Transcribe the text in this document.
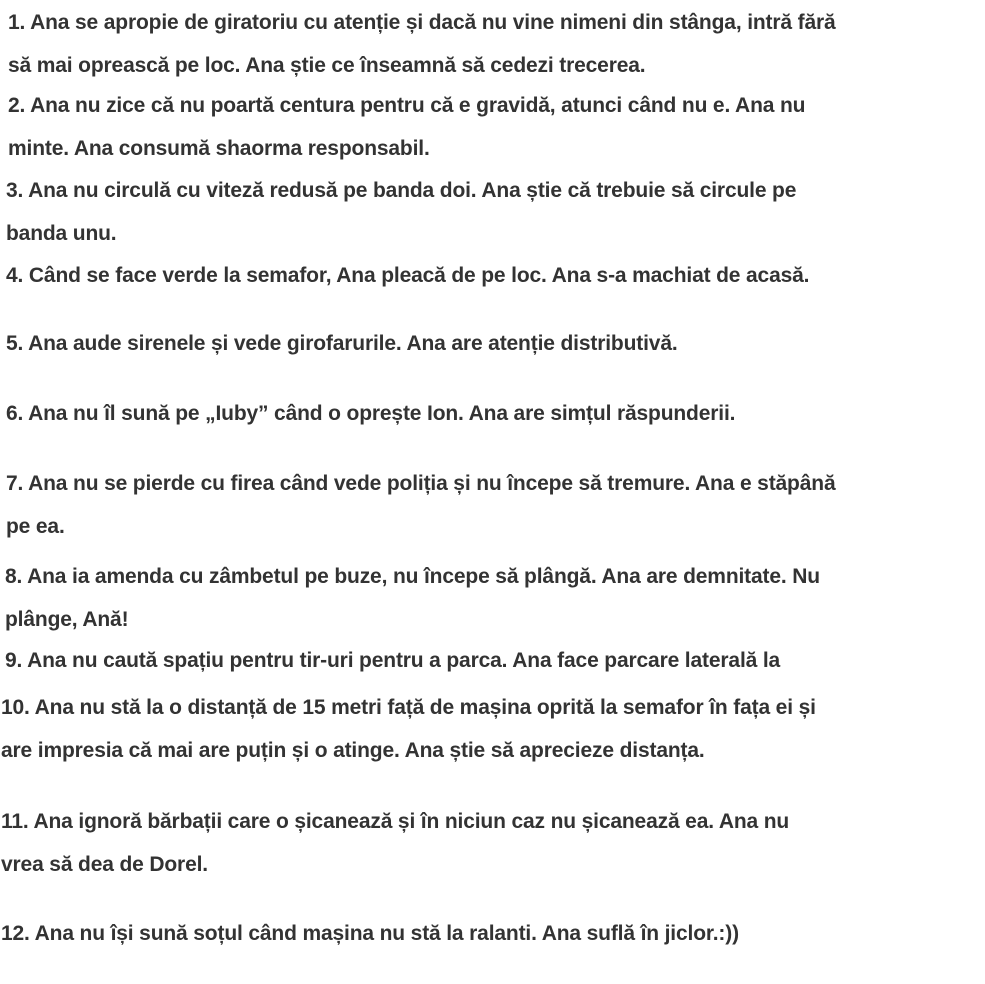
1. Ana se apropie de giratoriu cu atenție și dacă nu vine nimeni din stânga, intră fără
să mai oprească pe loc. Ana știe ce înseamnă să cedezi trecerea.
2. Ana nu zice că nu poartă centura pentru că e gravidă, atunci când nu e. Ana nu
minte. Ana consumă shaorma responsabil.
3. Ana nu circulă cu viteză redusă pe banda doi. Ana știe că trebuie să circule pe
banda unu.
4. Când se face verde la semafor, Ana pleacă de pe loc. Ana s-a machiat de acasă.
5. Ana aude sirenele și vede girofarurile. Ana are atenție distributivă.
6. Ana nu îl sună pe „Iuby” când o oprește Ion. Ana are simțul răspunderii.
7. Ana nu se pierde cu firea când vede poliția și nu începe să tremure. Ana e stăpână
pe ea.
8. Ana ia amenda cu zâmbetul pe buze, nu începe să plângă. Ana are demnitate. Nu
plânge, Ană!
9. Ana nu caută spațiu pentru tir-uri pentru a parca. Ana face parcare laterală la
10. Ana nu stă la o distanță de 15 metri față de mașina oprită la semafor în fața ei și
are impresia că mai are puțin și o atinge. Ana știe să aprecieze distanța.
11. Ana ignoră bărbații care o șicanează și în niciun caz nu șicanează ea. Ana nu
vrea să dea de Dorel.
12. Ana nu își sună soțul când mașina nu stă la ralanti. Ana suflă în jiclor.:))
